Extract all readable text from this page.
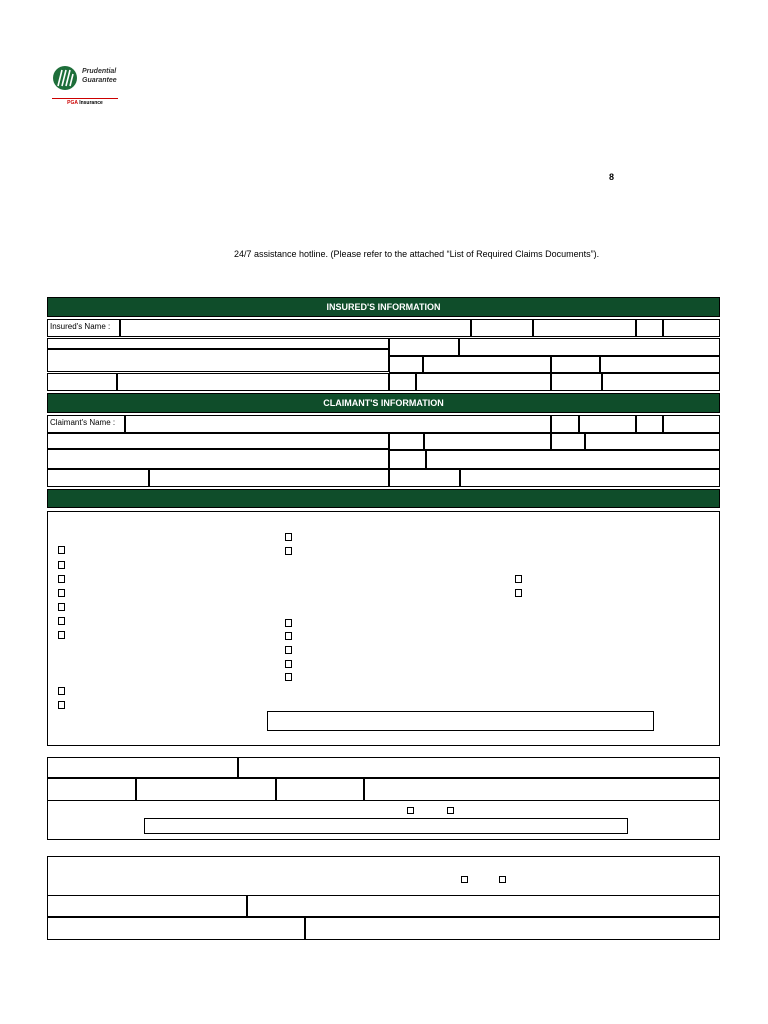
Prudential
Guarantee
PGA Insurance
8
24/7 assistance hotline. (Please refer to the attached “List of Required Claims Documents”).
INSURED'S INFORMATION
Insured's Name :
CLAIMANT'S INFORMATION
Claimant's Name :
